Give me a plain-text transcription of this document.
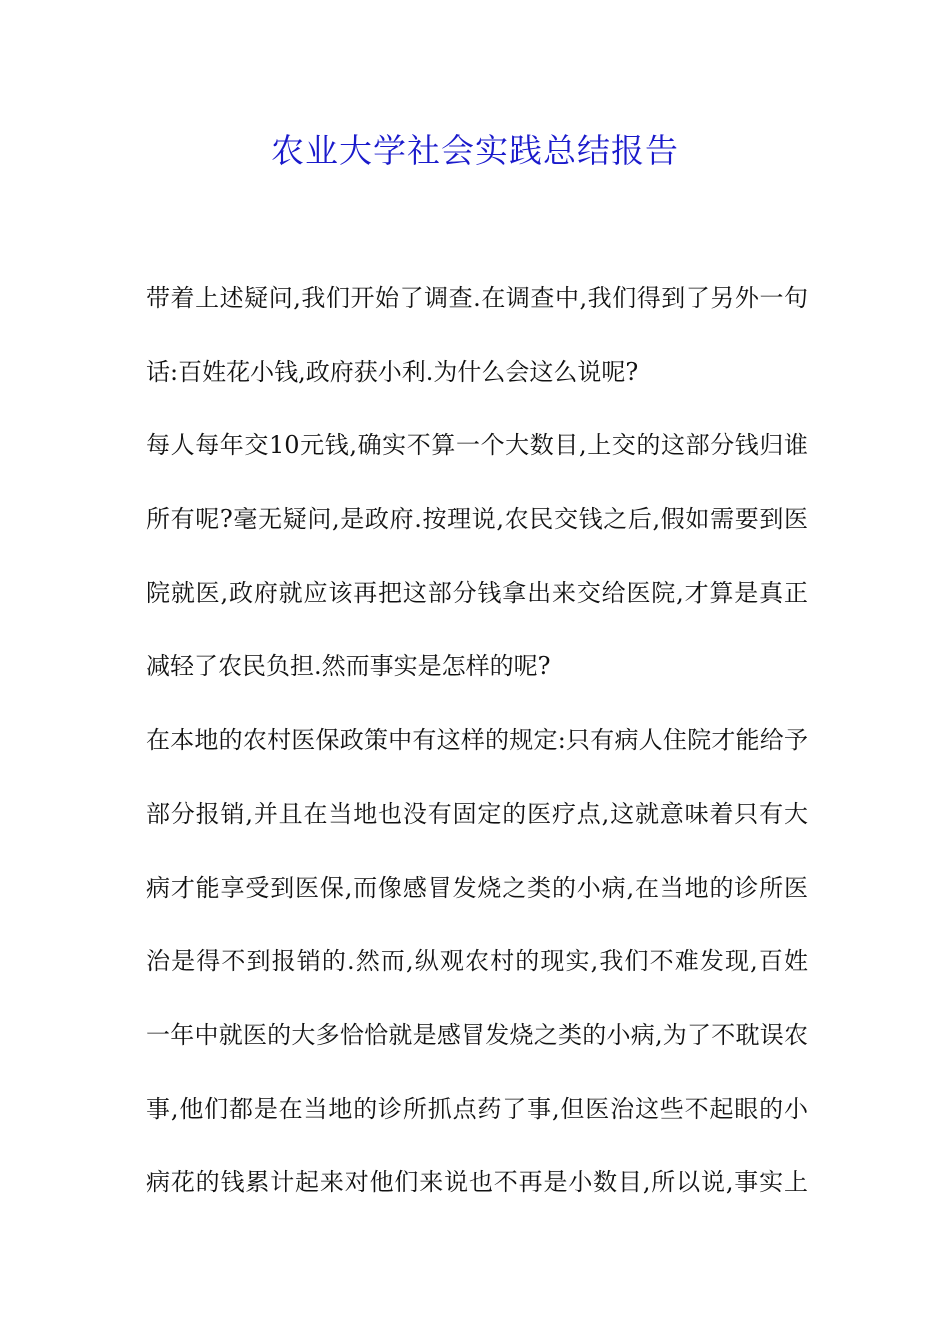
农业大学社会实践总结报告
带着上述疑问,我们开始了调查.在调查中,我们得到了另外一句
话:百姓花小钱,政府获小利.为什么会这么说呢?
每人每年交10元钱,确实不算一个大数目,上交的这部分钱归谁
所有呢?毫无疑问,是政府.按理说,农民交钱之后,假如需要到医
院就医,政府就应该再把这部分钱拿出来交给医院,才算是真正
减轻了农民负担.然而事实是怎样的呢?
在本地的农村医保政策中有这样的规定:只有病人住院才能给予
部分报销,并且在当地也没有固定的医疗点,这就意味着只有大
病才能享受到医保,而像感冒发烧之类的小病,在当地的诊所医
治是得不到报销的.然而,纵观农村的现实,我们不难发现,百姓
一年中就医的大多恰恰就是感冒发烧之类的小病,为了不耽误农
事,他们都是在当地的诊所抓点药了事,但医治这些不起眼的小
病花的钱累计起来对他们来说也不再是小数目,所以说,事实上
